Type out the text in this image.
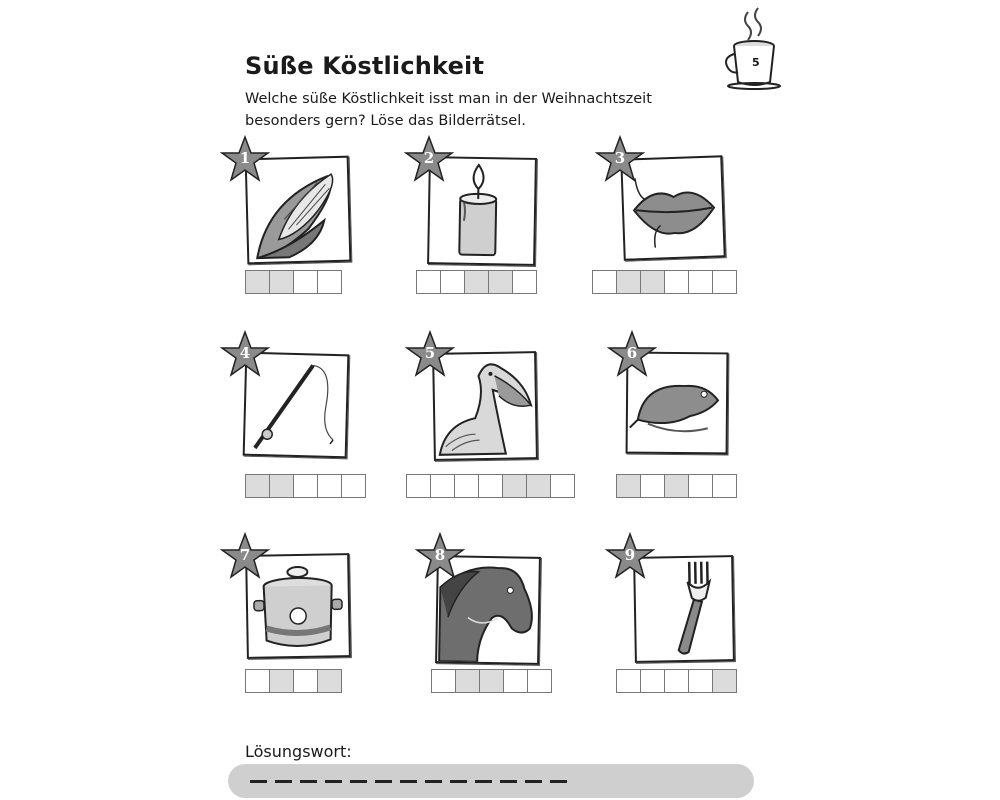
Süße Köstlichkeit
Welche süße Köstlichkeit isst man in der Weihnachtszeit besonders gern? Löse das Bilderrätsel.
5
1	2	3
4	5	6
7	8	9
Lösungswort:
